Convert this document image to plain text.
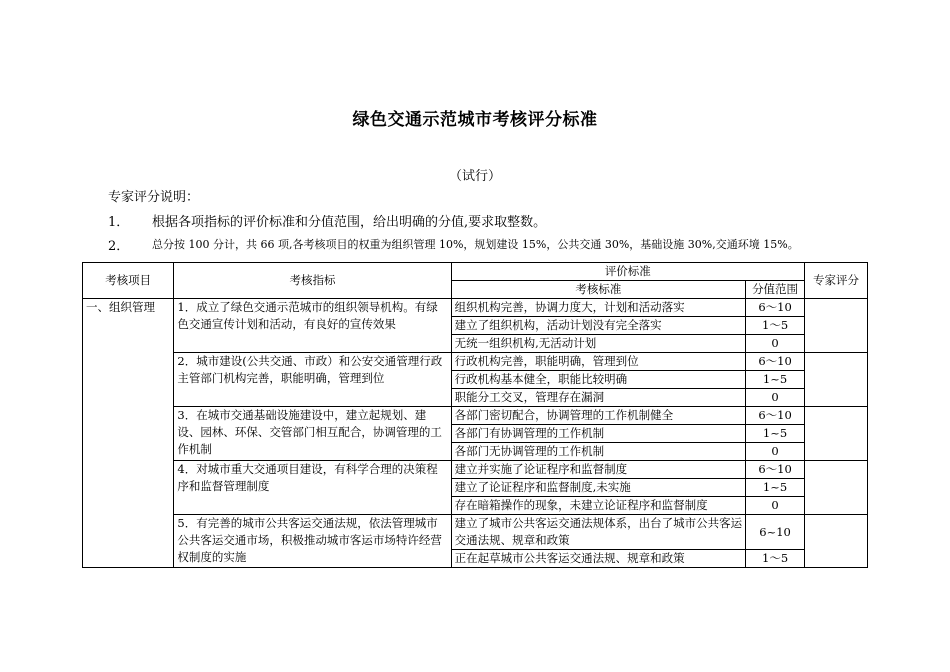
绿色交通示范城市考核评分标准
（试行）
专家评分说明：
1． 根据各项指标的评价标准和分值范围，给出明确的分值,要求取整数。
2． 总分按 100 分计，共 66 项,各考核项目的权重为组织管理 10%，规划建设 15%，公共交通 30%，基础设施 30%,交通环境 15%。
考核项目	考核指标	评价标准		专家评分
		考核标准	分值范围	
一、组织管理	1．成立了绿色交通示范城市的组织领导机构。有绿色交通宣传计划和活动，有良好的宣传效果	组织机构完善，协调力度大，计划和活动落实	6～10	
		建立了组织机构，活动计划没有完全落实	1～5	
		无统一组织机构,无活动计划	0	
	2．城市建设(公共交通、市政）和公安交通管理行政主管部门机构完善，职能明确，管理到位	行政机构完善，职能明确，管理到位	6～10	
		行政机构基本健全，职能比较明确	1~5	
		职能分工交叉，管理存在漏洞	0	
	3．在城市交通基础设施建设中，建立起规划、建设、园林、环保、交管部门相互配合，协调管理的工作机制	各部门密切配合，协调管理的工作机制健全	6～10	
		各部门有协调管理的工作机制	1~5	
		各部门无协调管理的工作机制	0	
	4．对城市重大交通项目建设，有科学合理的决策程序和监督管理制度	建立并实施了论证程序和监督制度	6～10	
		建立了论证程序和监督制度,未实施	1~5	
		存在暗箱操作的现象，未建立论证程序和监督制度	0	
	5．有完善的城市公共客运交通法规，依法管理城市公共客运交通市场，积极推动城市客运市场特许经营权制度的实施	建立了城市公共客运交通法规体系，出台了城市公共客运交通法规、规章和政策	6~10	
		正在起草城市公共客运交通法规、规章和政策	1～5	
